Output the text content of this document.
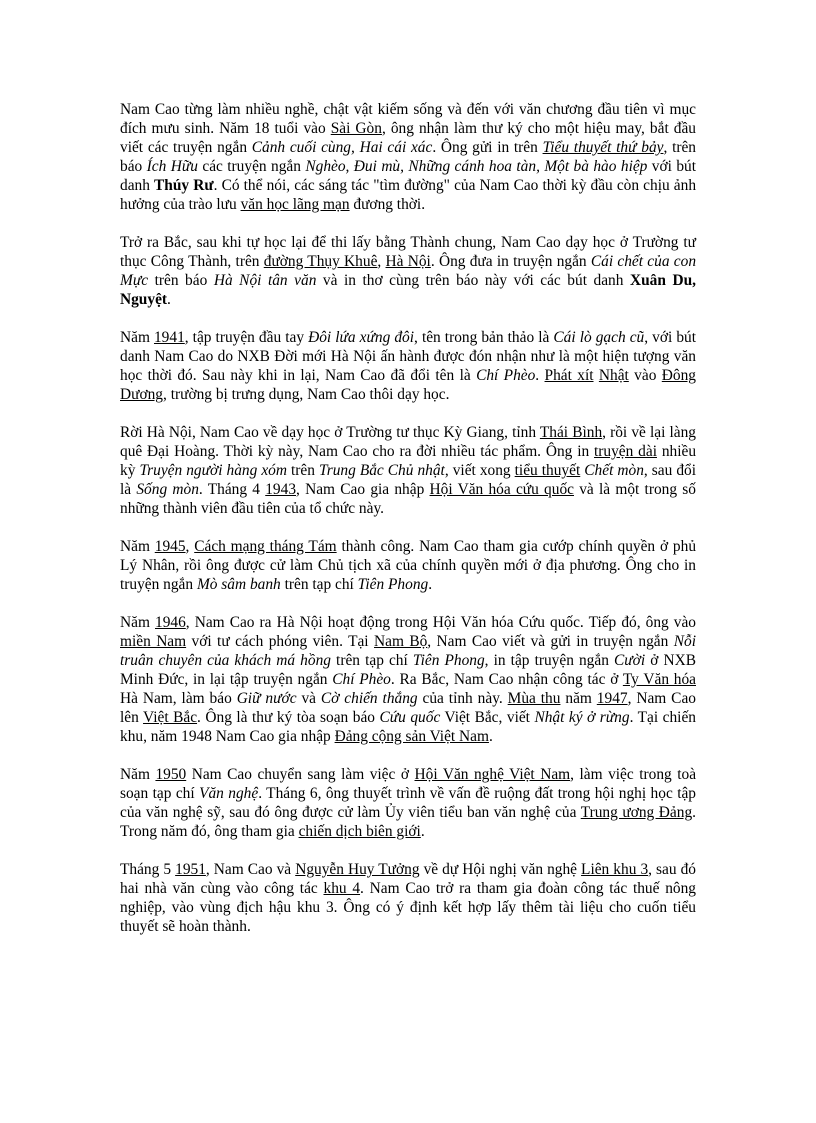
Nam Cao từng làm nhiều nghề, chật vật kiếm sống và đến với văn chương đầu tiên vì mục đích mưu sinh. Năm 18 tuổi vào Sài Gòn, ông nhận làm thư ký cho một hiệu may, bắt đầu viết các truyện ngắn Cảnh cuối cùng, Hai cái xác. Ông gửi in trên Tiểu thuyết thứ bảy, trên báo Ích Hữu các truyện ngắn Nghèo, Đui mù, Những cánh hoa tàn, Một bà hào hiệp với bút danh Thúy Rư. Có thể nói, các sáng tác "tìm đường" của Nam Cao thời kỳ đầu còn chịu ảnh hưởng của trào lưu văn học lãng mạn đương thời.

Trở ra Bắc, sau khi tự học lại để thi lấy bằng Thành chung, Nam Cao dạy học ở Trường tư thục Công Thành, trên đường Thụy Khuê, Hà Nội. Ông đưa in truyện ngắn Cái chết của con Mực trên báo Hà Nội tân văn và in thơ cùng trên báo này với các bút danh Xuân Du, Nguyệt.

Năm 1941, tập truyện đầu tay Đôi lứa xứng đôi, tên trong bản thảo là Cái lò gạch cũ, với bút danh Nam Cao do NXB Đời mới Hà Nội ấn hành được đón nhận như là một hiện tượng văn học thời đó. Sau này khi in lại, Nam Cao đã đổi tên là Chí Phèo. Phát xít Nhật vào Đông Dương, trường bị trưng dụng, Nam Cao thôi dạy học.

Rời Hà Nội, Nam Cao về dạy học ở Trường tư thục Kỳ Giang, tỉnh Thái Bình, rồi về lại làng quê Đại Hoàng. Thời kỳ này, Nam Cao cho ra đời nhiều tác phẩm. Ông in truyện dài nhiều kỳ Truyện người hàng xóm trên Trung Bắc Chủ nhật, viết xong tiểu thuyết Chết mòn, sau đổi là Sống mòn. Tháng 4 1943, Nam Cao gia nhập Hội Văn hóa cứu quốc và là một trong số những thành viên đầu tiên của tổ chức này.

Năm 1945, Cách mạng tháng Tám thành công. Nam Cao tham gia cướp chính quyền ở phủ Lý Nhân, rồi ông được cử làm Chủ tịch xã của chính quyền mới ở địa phương. Ông cho in truyện ngắn Mò sâm banh trên tạp chí Tiên Phong.

Năm 1946, Nam Cao ra Hà Nội hoạt động trong Hội Văn hóa Cứu quốc. Tiếp đó, ông vào miền Nam với tư cách phóng viên. Tại Nam Bộ, Nam Cao viết và gửi in truyện ngắn Nỗi truân chuyên của khách má hồng trên tạp chí Tiên Phong, in tập truyện ngắn Cười ở NXB Minh Đức, in lại tập truyện ngắn Chí Phèo. Ra Bắc, Nam Cao nhận công tác ở Ty Văn hóa Hà Nam, làm báo Giữ nước và Cờ chiến thắng của tỉnh này. Mùa thu năm 1947, Nam Cao lên Việt Bắc. Ông là thư ký tòa soạn báo Cứu quốc Việt Bắc, viết Nhật ký ở rừng. Tại chiến khu, năm 1948 Nam Cao gia nhập Đảng cộng sản Việt Nam.

Năm 1950 Nam Cao chuyển sang làm việc ở Hội Văn nghệ Việt Nam, làm việc trong toà soạn tạp chí Văn nghệ. Tháng 6, ông thuyết trình về vấn đề ruộng đất trong hội nghị học tập của văn nghệ sỹ, sau đó ông được cử làm Ủy viên tiểu ban văn nghệ của Trung ương Đảng. Trong năm đó, ông tham gia chiến dịch biên giới.

Tháng 5 1951, Nam Cao và Nguyễn Huy Tưởng về dự Hội nghị văn nghệ Liên khu 3, sau đó hai nhà văn cùng vào công tác khu 4. Nam Cao trở ra tham gia đoàn công tác thuế nông nghiệp, vào vùng địch hậu khu 3. Ông có ý định kết hợp lấy thêm tài liệu cho cuốn tiểu thuyết sẽ hoàn thành.
